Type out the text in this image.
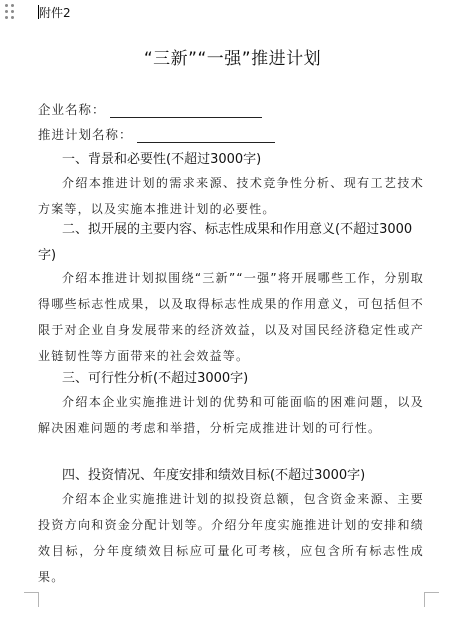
附件2
“三新”“一强”推进计划
企业名称：
推进计划名称：
一、背景和必要性(不超过3000字)
介绍本推进计划的需求来源、技术竞争性分析、现有工艺技术方案等，以及实施本推进计划的必要性。
二、拟开展的主要内容、标志性成果和作用意义(不超过3000字)
介绍本推进计划拟围绕“三新”“一强”将开展哪些工作，分别取得哪些标志性成果，以及取得标志性成果的作用意义，可包括但不限于对企业自身发展带来的经济效益，以及对国民经济稳定性或产业链韧性等方面带来的社会效益等。
三、可行性分析(不超过3000字)
介绍本企业实施推进计划的优势和可能面临的困难问题，以及解决困难问题的考虑和举措，分析完成推进计划的可行性。
四、投资情况、年度安排和绩效目标(不超过3000字)
介绍本企业实施推进计划的拟投资总额，包含资金来源、主要投资方向和资金分配计划等。介绍分年度实施推进计划的安排和绩效目标，分年度绩效目标应可量化可考核，应包含所有标志性成果。
